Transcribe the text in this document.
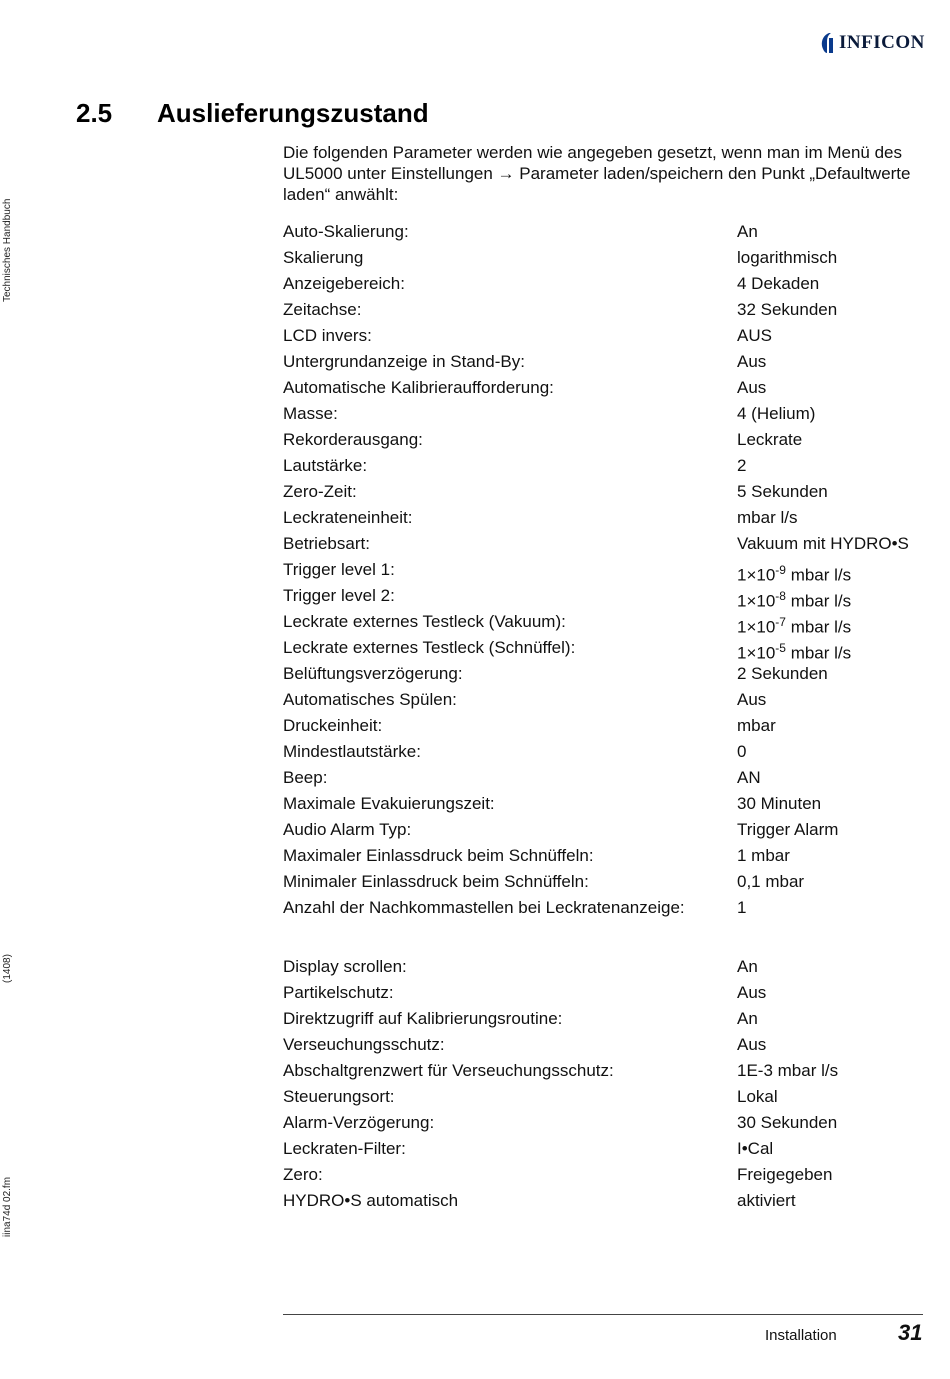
INFICON
Technisches Handbuch
(1408)
iina74d 02.fm
2.5 Auslieferungszustand
Die folgenden Parameter werden wie angegeben gesetzt, wenn man im Menü des UL5000 unter Einstellungen → Parameter laden/speichern den Punkt „Defaultwerte laden“ anwählt:
Auto-Skalierung:	An
Skalierung	logarithmisch
Anzeigebereich:	4 Dekaden
Zeitachse:	32 Sekunden
LCD invers:	AUS
Untergrundanzeige in Stand-By:	Aus
Automatische Kalibrieraufforderung:	Aus
Masse:	4 (Helium)
Rekorderausgang:	Leckrate
Lautstärke:	2
Zero-Zeit:	5 Sekunden
Leckrateneinheit:	mbar l/s
Betriebsart:	Vakuum mit HYDRO•S
Trigger level 1:	$1\times 10^{-9}$ mbar l/s
Trigger level 2:	$1\times 10^{-8}$ mbar l/s
Leckrate externes Testleck (Vakuum):	$1\times 10^{-7}$ mbar l/s
Leckrate externes Testleck (Schnüffel):	$1\times 10^{-5}$ mbar l/s
Belüftungsverzögerung:	2 Sekunden
Automatisches Spülen:	Aus
Druckeinheit:	mbar
Mindestlautstärke:	0
Beep:	AN
Maximale Evakuierungszeit:	30 Minuten
Audio Alarm Typ:	Trigger Alarm
Maximaler Einlassdruck beim Schnüffeln:	1 mbar
Minimaler Einlassdruck beim Schnüffeln:	0,1 mbar
Anzahl der Nachkommastellen bei Leckratenanzeige:	1
Display scrollen:	An
Partikelschutz:	Aus
Direktzugriff auf Kalibrierungsroutine:	An
Verseuchungsschutz:	Aus
Abschaltgrenzwert für Verseuchungsschutz:	1E-3 mbar l/s
Steuerungsort:	Lokal
Alarm-Verzögerung:	30 Sekunden
Leckraten-Filter:	I•Cal
Zero:	Freigegeben
HYDRO•S automatisch	aktiviert
Installation	31
